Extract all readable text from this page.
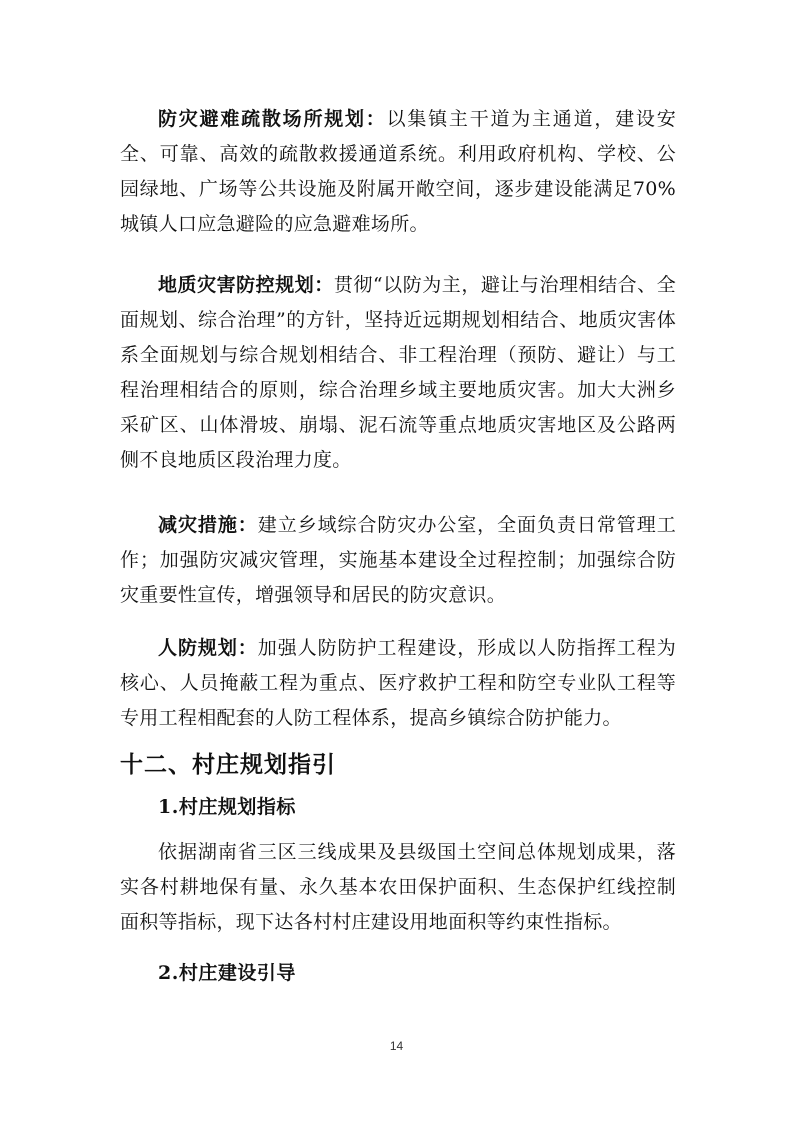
防灾避难疏散场所规划：以集镇主干道为主通道，建设安全、可靠、高效的疏散救援通道系统。利用政府机构、学校、公园绿地、广场等公共设施及附属开敞空间，逐步建设能满足70%城镇人口应急避险的应急避难场所。

地质灾害防控规划：贯彻“以防为主，避让与治理相结合、全面规划、综合治理”的方针，坚持近远期规划相结合、地质灾害体系全面规划与综合规划相结合、非工程治理（预防、避让）与工程治理相结合的原则，综合治理乡域主要地质灾害。加大大洲乡采矿区、山体滑坡、崩塌、泥石流等重点地质灾害地区及公路两侧不良地质区段治理力度。

减灾措施：建立乡域综合防灾办公室，全面负责日常管理工作；加强防灾减灾管理，实施基本建设全过程控制；加强综合防灾重要性宣传，增强领导和居民的防灾意识。

人防规划：加强人防防护工程建设，形成以人防指挥工程为核心、人员掩蔽工程为重点、医疗救护工程和防空专业队工程等专用工程相配套的人防工程体系，提高乡镇综合防护能力。

十二、村庄规划指引
1.村庄规划指标

依据湖南省三区三线成果及县级国土空间总体规划成果，落实各村耕地保有量、永久基本农田保护面积、生态保护红线控制面积等指标，现下达各村村庄建设用地面积等约束性指标。

2.村庄建设引导
14
